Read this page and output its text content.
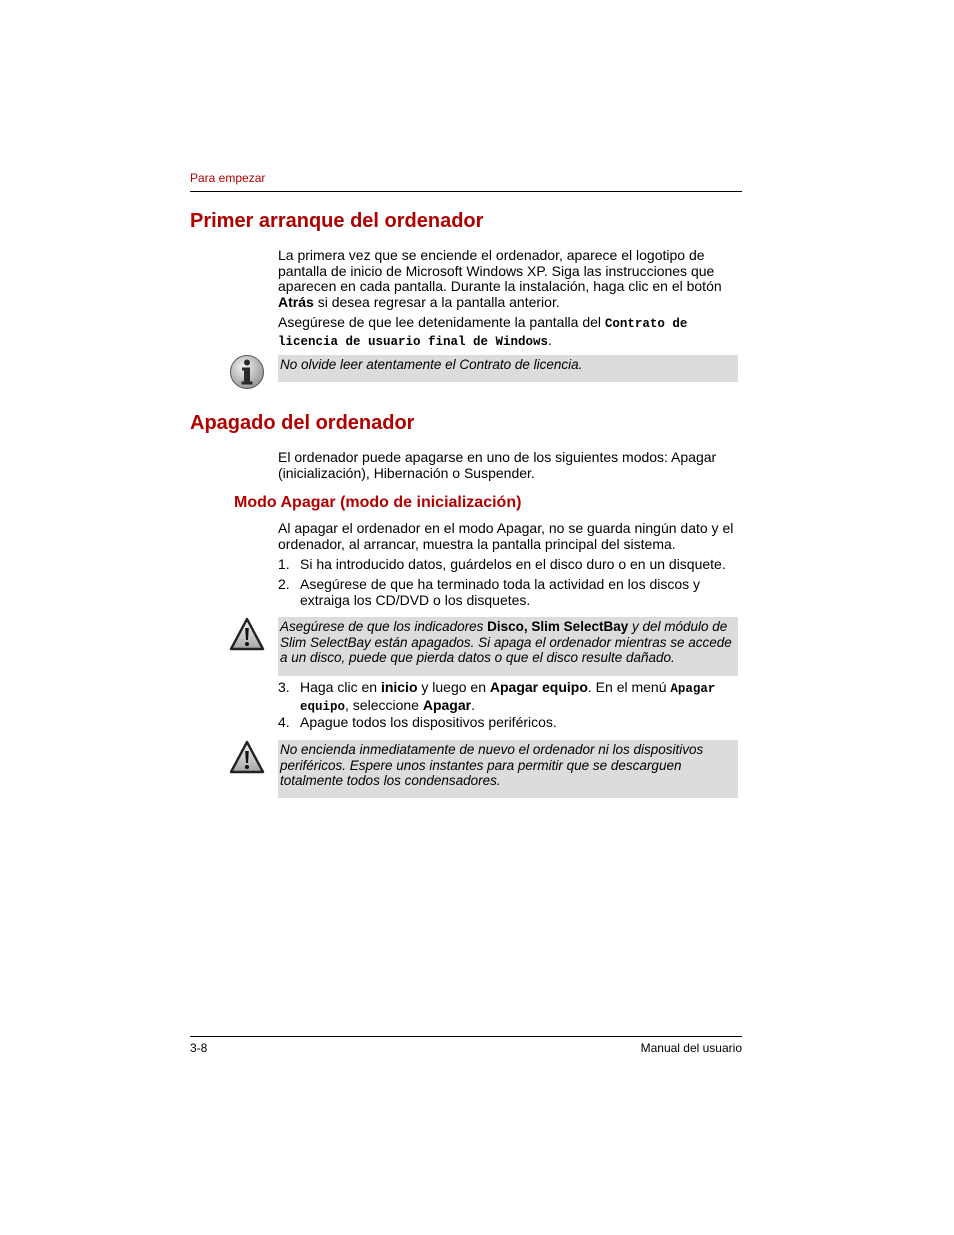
Para empezar
Primer arranque del ordenador

La primera vez que se enciende el ordenador, aparece el logotipo de pantalla de inicio de Microsoft Windows XP. Siga las instrucciones que aparecen en cada pantalla. Durante la instalación, haga clic en el botón Atrás si desea regresar a la pantalla anterior.

Asegúrese de que lee detenidamente la pantalla del Contrato de licencia de usuario final de Windows.

No olvide leer atentamente el Contrato de licencia.
Apagado del ordenador
El ordenador puede apagarse en uno de los siguientes modos: Apagar (inicialización), Hibernación o Suspender.
Modo Apagar (modo de inicialización)
Al apagar el ordenador en el modo Apagar, no se guarda ningún dato y el ordenador, al arrancar, muestra la pantalla principal del sistema.
1. Si ha introducido datos, guárdelos en el disco duro o en un disquete.
2. Asegúrese de que ha terminado toda la actividad en los discos y extraiga los CD/DVD o los disquetes.
Asegúrese de que los indicadores Disco, Slim SelectBay y del módulo de Slim SelectBay están apagados. Si apaga el ordenador mientras se accede a un disco, puede que pierda datos o que el disco resulte dañado.
3. Haga clic en inicio y luego en Apagar equipo. En el menú Apagar equipo, seleccione Apagar.
4. Apague todos los dispositivos periféricos.
No encienda inmediatamente de nuevo el ordenador ni los dispositivos periféricos. Espere unos instantes para permitir que se descarguen totalmente todos los condensadores.
3-8	Manual del usuario
